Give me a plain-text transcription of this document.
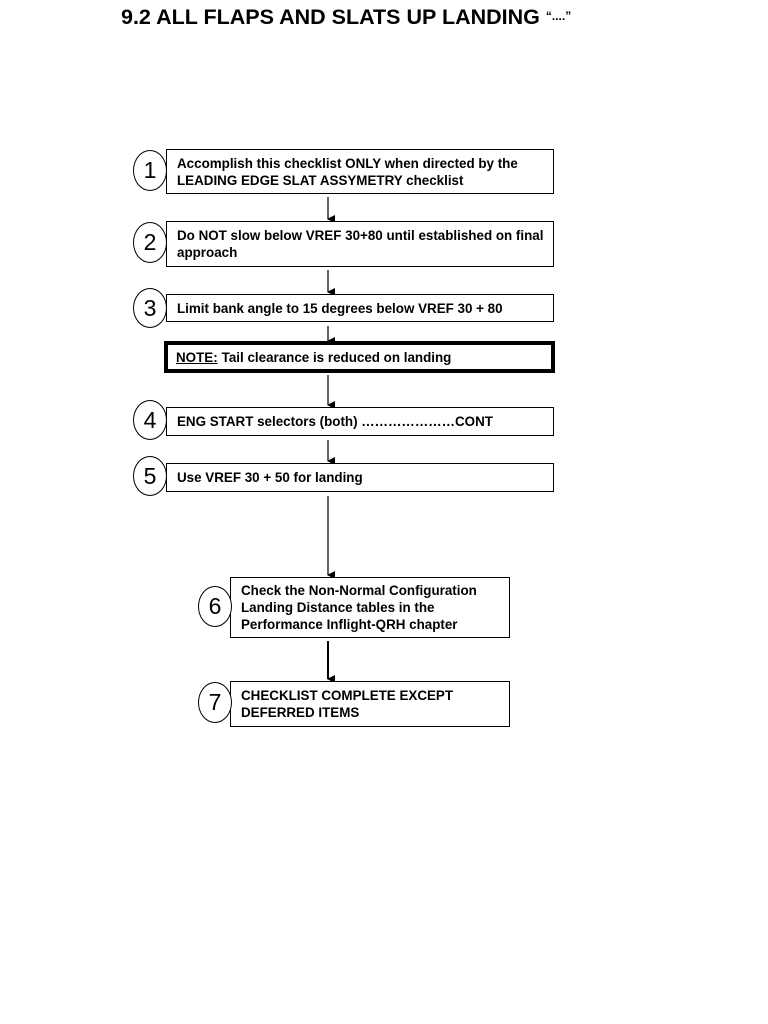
9.2 ALL FLAPS AND SLATS UP LANDING “....”
Accomplish this checklist ONLY when directed by the LEADING EDGE SLAT ASSYMETRY checklist
1
Do NOT slow below VREF 30+80 until established on final approach
2
Limit bank angle to 15 degrees below VREF 30 + 80
3
NOTE: Tail clearance is reduced on landing
ENG START selectors (both) …………………CONT
4
Use VREF 30 + 50 for landing
5
Check the Non-Normal Configuration Landing Distance tables in the Performance Inflight-QRH chapter
6
CHECKLIST COMPLETE EXCEPT DEFERRED ITEMS
7
